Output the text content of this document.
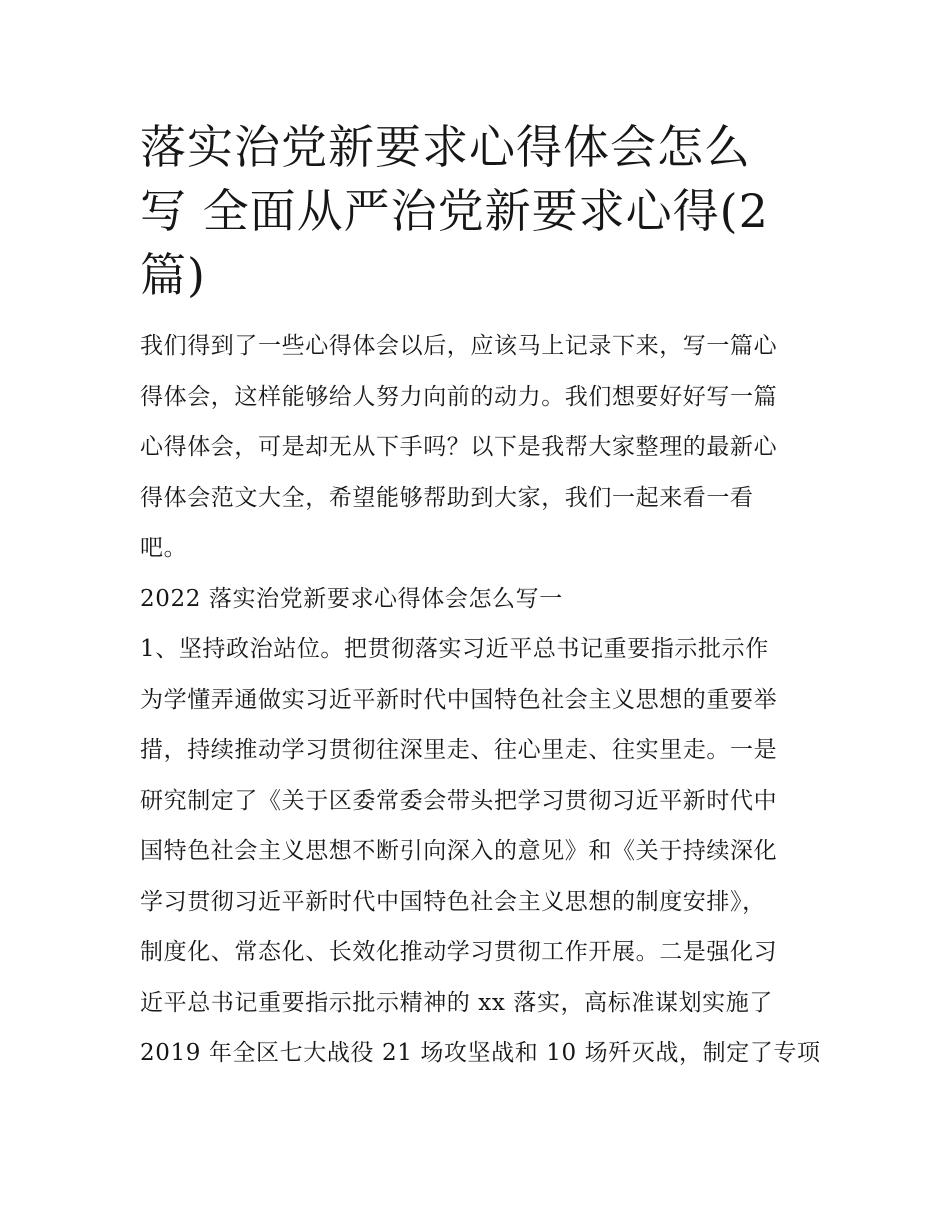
落实治党新要求心得体会怎么
写 全面从严治党新要求心得(2
篇)
我们得到了一些心得体会以后，应该马上记录下来，写一篇心
得体会，这样能够给人努力向前的动力。我们想要好好写一篇
心得体会，可是却无从下手吗？以下是我帮大家整理的最新心
得体会范文大全，希望能够帮助到大家，我们一起来看一看
吧。
2022 落实治党新要求心得体会怎么写一
1、坚持政治站位。把贯彻落实习近平总书记重要指示批示作
为学懂弄通做实习近平新时代中国特色社会主义思想的重要举
措，持续推动学习贯彻往深里走、往心里走、往实里走。一是
研究制定了《关于区委常委会带头把学习贯彻习近平新时代中
国特色社会主义思想不断引向深入的意见》和《关于持续深化
学习贯彻习近平新时代中国特色社会主义思想的制度安排》，
制度化、常态化、长效化推动学习贯彻工作开展。二是强化习
近平总书记重要指示批示精神的 xx 落实，高标准谋划实施了
2019 年全区七大战役 21 场攻坚战和 10 场歼灭战，制定了专项
